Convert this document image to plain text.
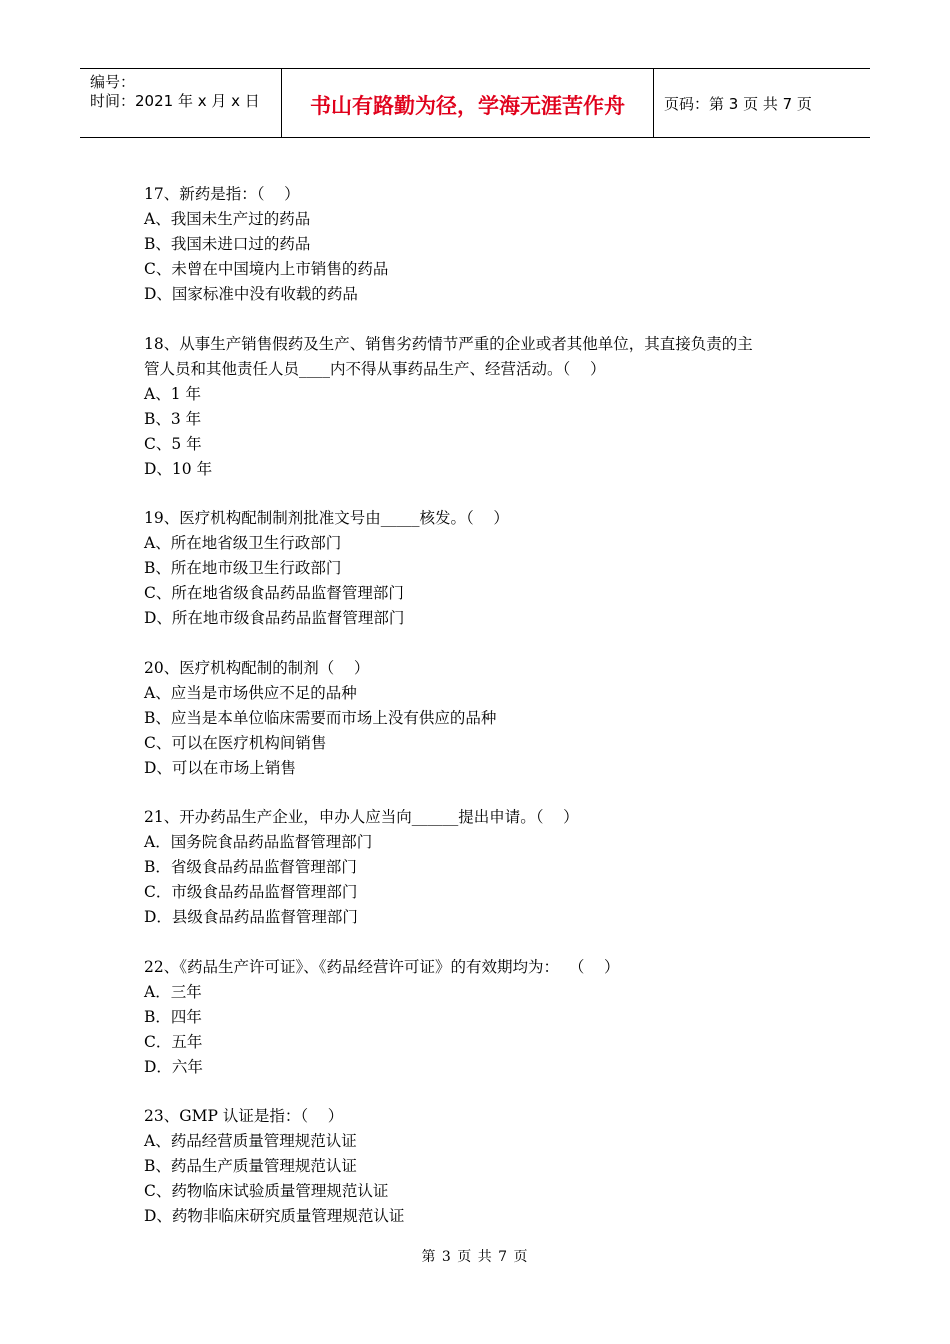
编号：
时间：2021 年 x 月 x 日	书山有路勤为径，学海无涯苦作舟	页码：第 3 页 共 7 页
17、新药是指：（    ）
A、我国未生产过的药品
B、我国未进口过的药品
C、未曾在中国境内上市销售的药品
D、国家标准中没有收载的药品
18、从事生产销售假药及生产、销售劣药情节严重的企业或者其他单位，其直接负责的主
管人员和其他责任人员____内不得从事药品生产、经营活动。（    ）
A、1 年
B、3 年
C、5 年
D、10 年
19、医疗机构配制制剂批准文号由_____核发。（    ）
A、所在地省级卫生行政部门
B、所在地市级卫生行政部门
C、所在地省级食品药品监督管理部门
D、所在地市级食品药品监督管理部门
20、医疗机构配制的制剂（    ）
A、应当是市场供应不足的品种
B、应当是本单位临床需要而市场上没有供应的品种
C、可以在医疗机构间销售
D、可以在市场上销售
21、开办药品生产企业，申办人应当向______提出申请。（    ）
A．国务院食品药品监督管理部门
B．省级食品药品监督管理部门
C．市级食品药品监督管理部门
D．县级食品药品监督管理部门
22、《药品生产许可证》、《药品经营许可证》的有效期均为：  （    ）
A．三年
B．四年
C．五年
D．六年
23、GMP 认证是指：（    ）
A、药品经营质量管理规范认证
B、药品生产质量管理规范认证
C、药物临床试验质量管理规范认证
D、药物非临床研究质量管理规范认证
第 3 页 共 7 页
